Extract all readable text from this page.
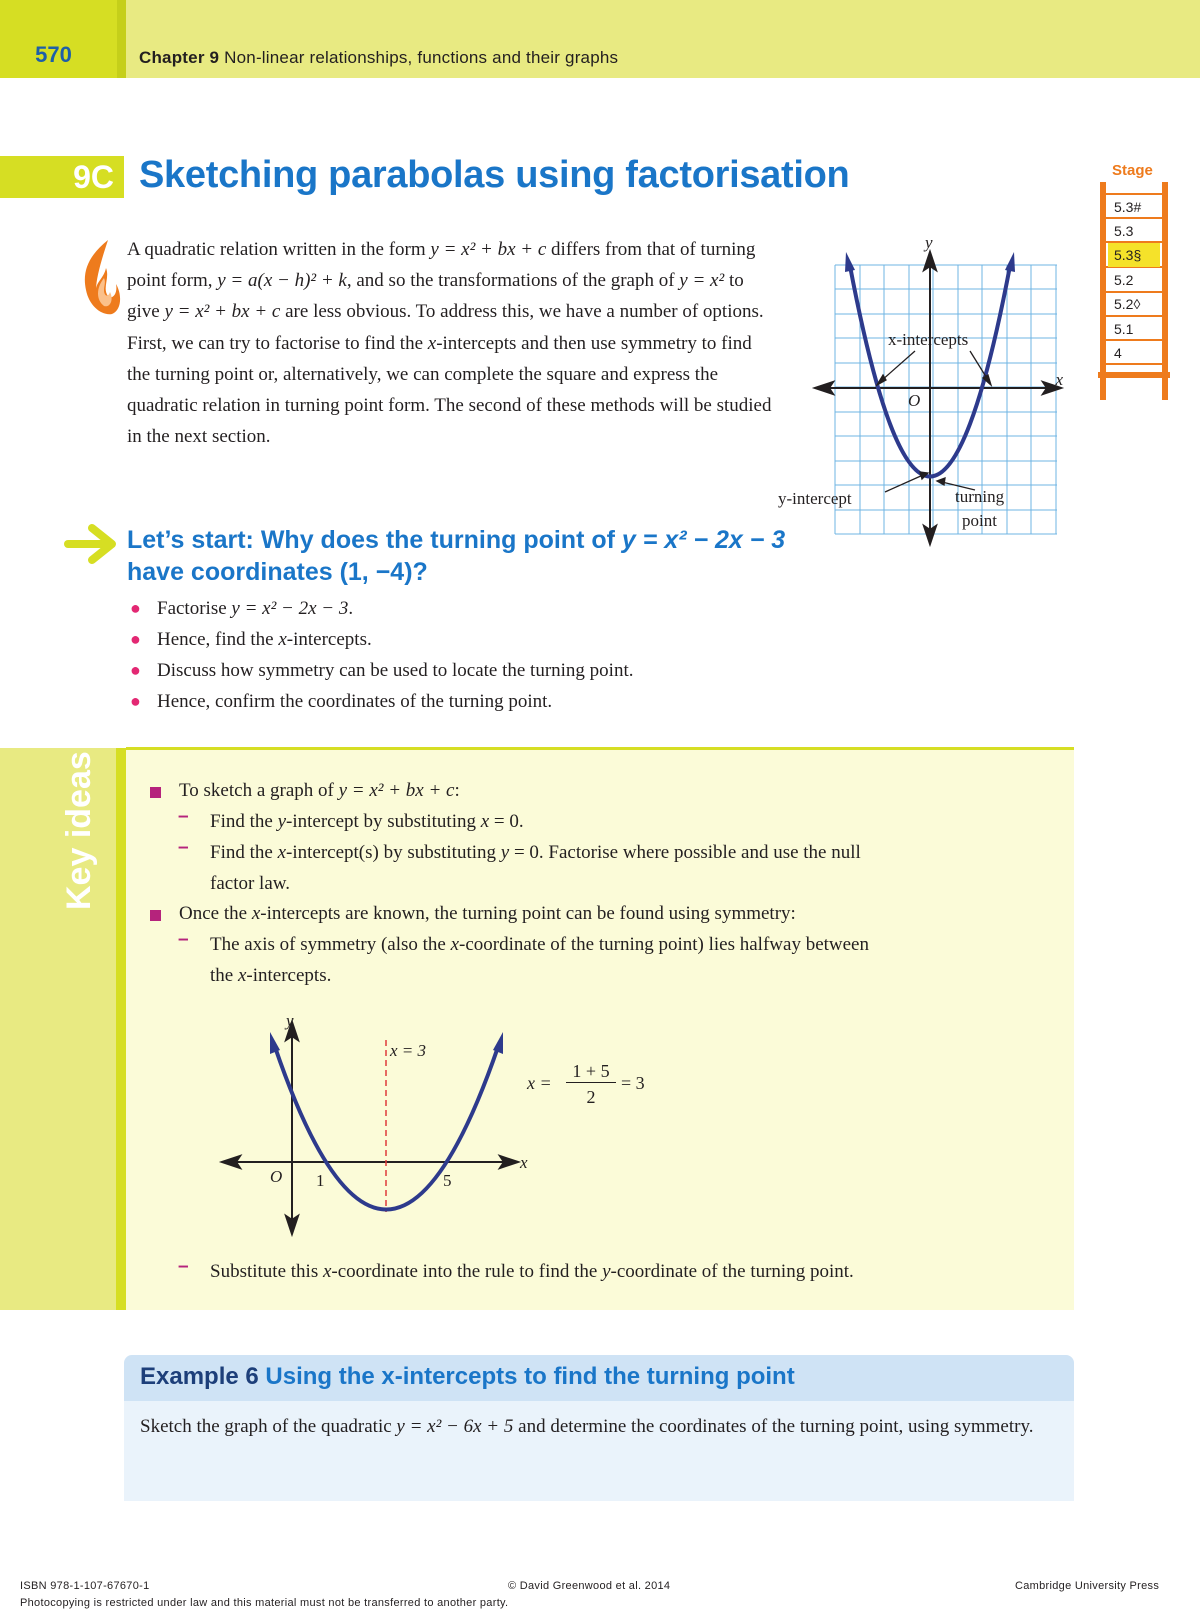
570	Chapter 9 Non-linear relationships, functions and their graphs
9C Sketching parabolas using factorisation	Stage
5.3#
5.3
5.3§
5.2
5.2◊
5.1
4
A quadratic relation written in the form y = x² + bx + c differs from that of turning point form, y = a(x − h)² + k, and so the transformations of the graph of y = x² to give y = x² + bx + c are less obvious. To address this, we have a number of options. First, we can try to factorise to find the x-intercepts and then use symmetry to find the turning point or, alternatively, we can complete the square and express the quadratic relation in turning point form. The second of these methods will be studied in the next section.
y
x
O
x-intercepts
y-intercept	turning
point
Let’s start: Why does the turning point of y = x² − 2x − 3
have coordinates (1, −4)?
● Factorise y = x² − 2x − 3.
● Hence, find the x-intercepts.
● Discuss how symmetry can be used to locate the turning point.
● Hence, confirm the coordinates of the turning point.
Key ideas	To sketch a graph of y = x² + bx + c:
– Find the y-intercept by substituting x = 0.
– Find the x-intercept(s) by substituting y = 0. Factorise where possible and use the null
factor law.
Once the x-intercepts are known, the turning point can be found using symmetry:
– The axis of symmetry (also the x-coordinate of the turning point) lies halfway between
the x-intercepts.
y
x
O 1	5
x = 3
x =
1 + 5
2
= 3
– Substitute this x-coordinate into the rule to find the y-coordinate of the turning point.
Example 6 Using the x-intercepts to find the turning point
Sketch the graph of the quadratic y = x² − 6x + 5 and determine the coordinates of the turning point, using symmetry.
ISBN 978-1-107-67670-1	© David Greenwood et al. 2014	Cambridge University Press
Photocopying is restricted under law and this material must not be transferred to another party.
